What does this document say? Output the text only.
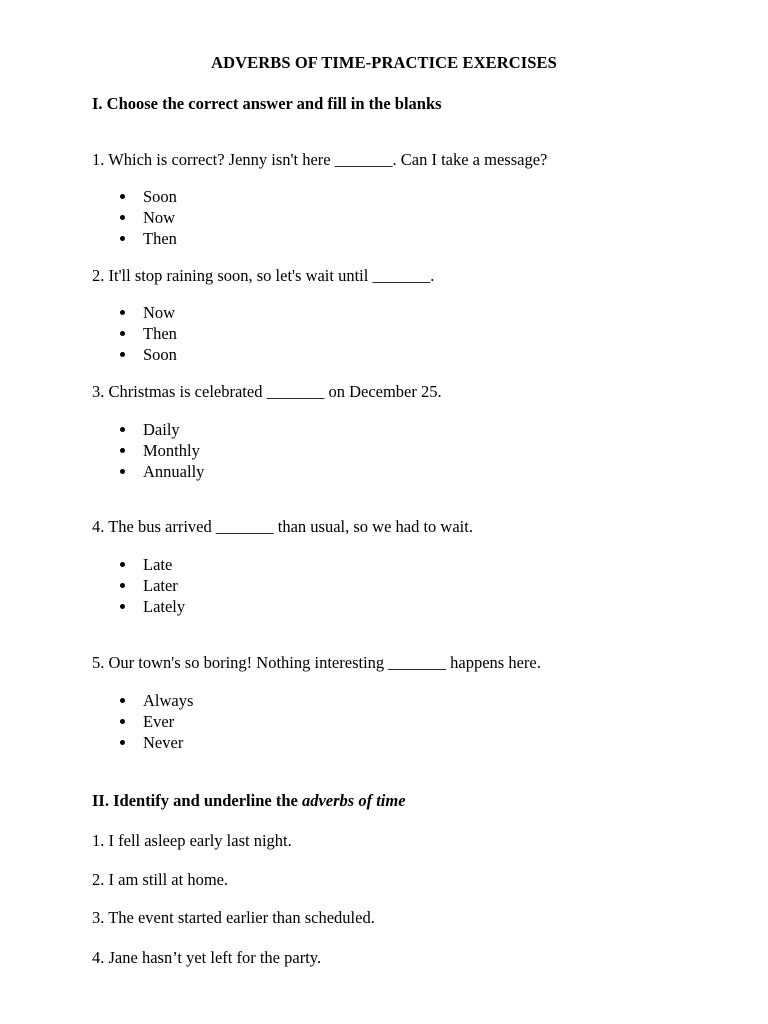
ADVERBS OF TIME-PRACTICE EXERCISES
I. Choose the correct answer and fill in the blanks
1. Which is correct? Jenny isn't here _______. Can I take a message?
Soon
Now
Then
2. It'll stop raining soon, so let's wait until _______.
Now
Then
Soon
3. Christmas is celebrated _______ on December 25.
Daily
Monthly
Annually
4. The bus arrived _______ than usual, so we had to wait.
Late
Later
Lately
5. Our town's so boring! Nothing interesting _______ happens here.
Always
Ever
Never
II. Identify and underline the adverbs of time
1. I fell asleep early last night.
2. I am still at home.
3. The event started earlier than scheduled.
4. Jane hasn’t yet left for the party.
